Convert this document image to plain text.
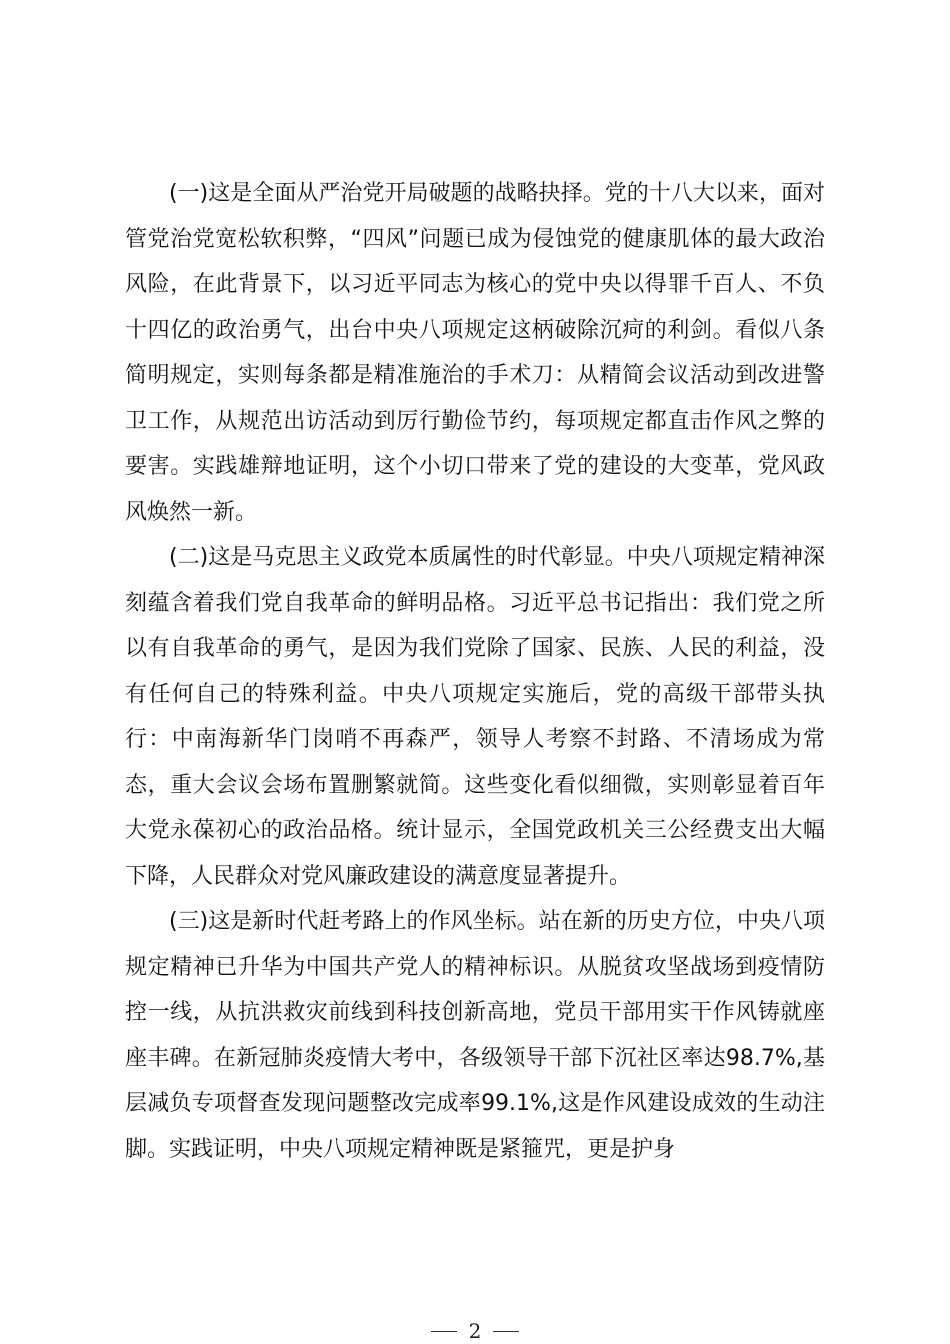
(一)这是全面从严治党开局破题的战略抉择。党的十八大以来，面对管党治党宽松软积弊，“四风”问题已成为侵蚀党的健康肌体的最大政治风险，在此背景下，以习近平同志为核心的党中央以得罪千百人、不负十四亿的政治勇气，出台中央八项规定这柄破除沉疴的利剑。看似八条简明规定，实则每条都是精准施治的手术刀：从精简会议活动到改进警卫工作，从规范出访活动到厉行勤俭节约，每项规定都直击作风之弊的要害。实践雄辩地证明，这个小切口带来了党的建设的大变革，党风政风焕然一新。

(二)这是马克思主义政党本质属性的时代彰显。中央八项规定精神深刻蕴含着我们党自我革命的鲜明品格。习近平总书记指出：我们党之所以有自我革命的勇气，是因为我们党除了国家、民族、人民的利益，没有任何自己的特殊利益。中央八项规定实施后，党的高级干部带头执行：中南海新华门岗哨不再森严，领导人考察不封路、不清场成为常态，重大会议会场布置删繁就简。这些变化看似细微，实则彰显着百年大党永葆初心的政治品格。统计显示，全国党政机关三公经费支出大幅下降，人民群众对党风廉政建设的满意度显著提升。

(三)这是新时代赶考路上的作风坐标。站在新的历史方位，中央八项规定精神已升华为中国共产党人的精神标识。从脱贫攻坚战场到疫情防控一线，从抗洪救灾前线到科技创新高地，党员干部用实干作风铸就座座丰碑。在新冠肺炎疫情大考中，各级领导干部下沉社区率达98.7%,基层减负专项督查发现问题整改完成率99.1%,这是作风建设成效的生动注脚。实践证明，中央八项规定精神既是紧箍咒，更是护身

2
